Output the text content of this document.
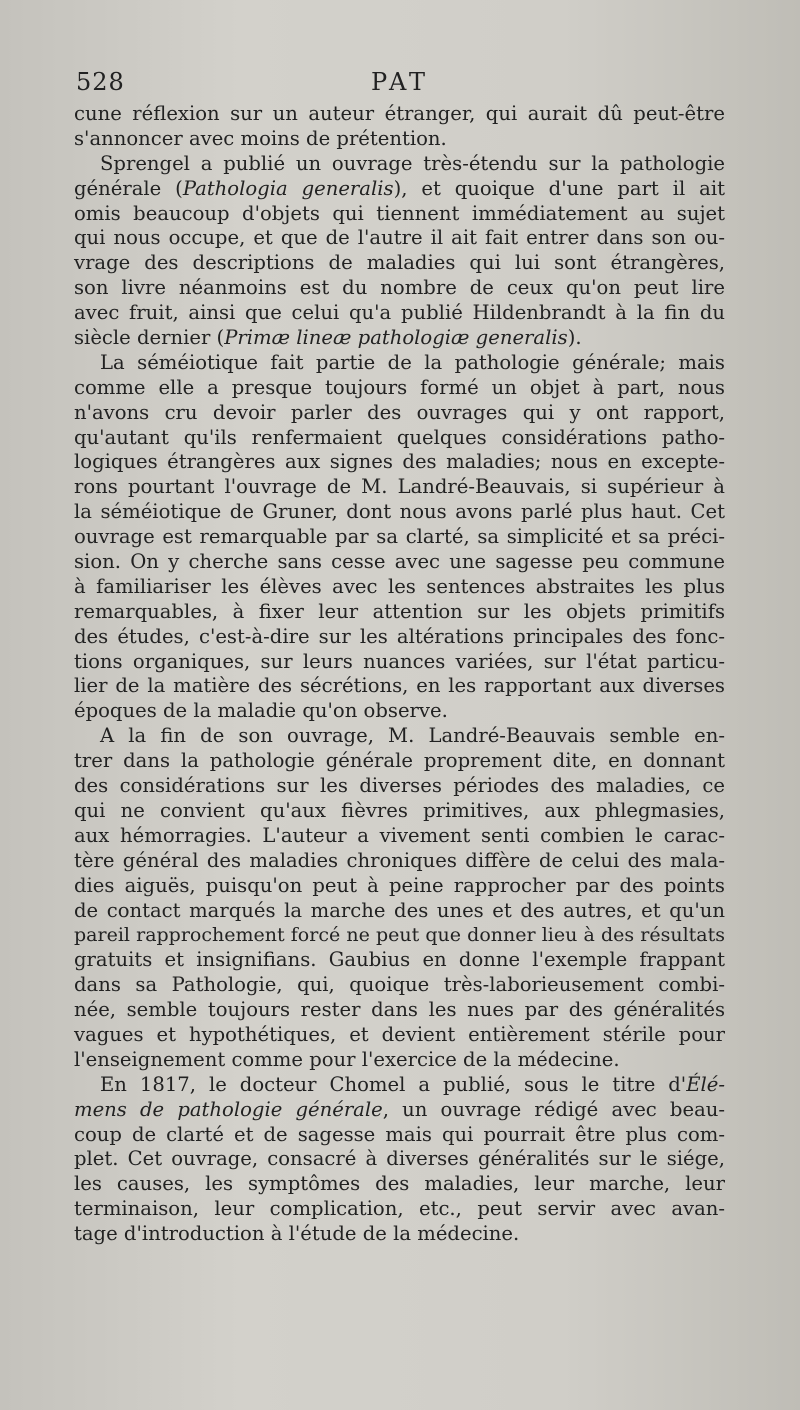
528	PAT
cune réflexion sur un auteur étranger, qui aurait dû peut-être
s'annoncer avec moins de prétention.
Sprengel a publié un ouvrage très-étendu sur la pathologie
générale (Pathologia generalis), et quoique d'une part il ait
omis beaucoup d'objets qui tiennent immédiatement au sujet
qui nous occupe, et que de l'autre il ait fait entrer dans son ou-
vrage des descriptions de maladies qui lui sont étrangères,
son livre néanmoins est du nombre de ceux qu'on peut lire
avec fruit, ainsi que celui qu'a publié Hildenbrandt à la fin du
siècle dernier (Primæ lineæ pathologiæ generalis).
La séméiotique fait partie de la pathologie générale; mais
comme elle a presque toujours formé un objet à part, nous
n'avons cru devoir parler des ouvrages qui y ont rapport,
qu'autant qu'ils renfermaient quelques considérations patho-
logiques étrangères aux signes des maladies; nous en excepte-
rons pourtant l'ouvrage de M. Landré-Beauvais, si supérieur à
la séméiotique de Gruner, dont nous avons parlé plus haut. Cet
ouvrage est remarquable par sa clarté, sa simplicité et sa préci-
sion. On y cherche sans cesse avec une sagesse peu commune
à familiariser les élèves avec les sentences abstraites les plus
remarquables, à fixer leur attention sur les objets primitifs
des études, c'est-à-dire sur les altérations principales des fonc-
tions organiques, sur leurs nuances variées, sur l'état particu-
lier de la matière des sécrétions, en les rapportant aux diverses
époques de la maladie qu'on observe.
A la fin de son ouvrage, M. Landré-Beauvais semble en-
trer dans la pathologie générale proprement dite, en donnant
des considérations sur les diverses périodes des maladies, ce
qui ne convient qu'aux fièvres primitives, aux phlegmasies,
aux hémorragies. L'auteur a vivement senti combien le carac-
tère général des maladies chroniques diffère de celui des mala-
dies aiguës, puisqu'on peut à peine rapprocher par des points
de contact marqués la marche des unes et des autres, et qu'un
pareil rapprochement forcé ne peut que donner lieu à des résultats
gratuits et insignifians. Gaubius en donne l'exemple frappant
dans sa Pathologie, qui, quoique très-laborieusement combi-
née, semble toujours rester dans les nues par des généralités
vagues et hypothétiques, et devient entièrement stérile pour
l'enseignement comme pour l'exercice de la médecine.
En 1817, le docteur Chomel a publié, sous le titre d'Élé-
mens de pathologie générale, un ouvrage rédigé avec beau-
coup de clarté et de sagesse mais qui pourrait être plus com-
plet. Cet ouvrage, consacré à diverses généralités sur le siége,
les causes, les symptômes des maladies, leur marche, leur
terminaison, leur complication, etc., peut servir avec avan-
tage d'introduction à l'étude de la médecine.
